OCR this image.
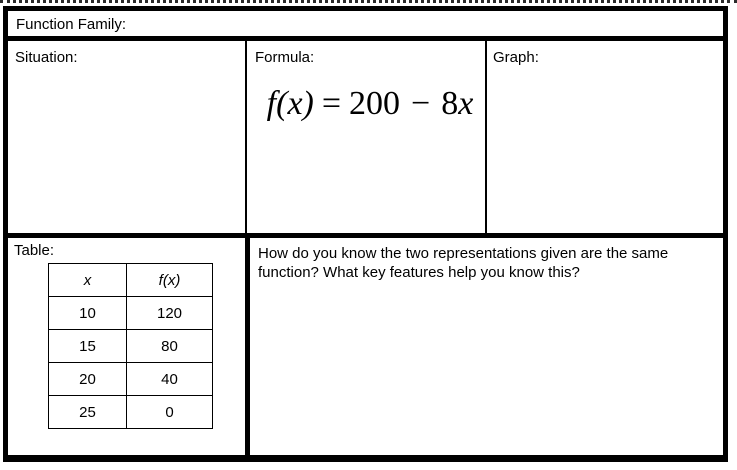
Function Family:
Situation:	Formula:
f(x) = 200 − 8x
Graph:
Table:
x	f(x)
10	120
15	80
20	40
25	0
How do you know the two representations given are the same function? What key features help you know this?
